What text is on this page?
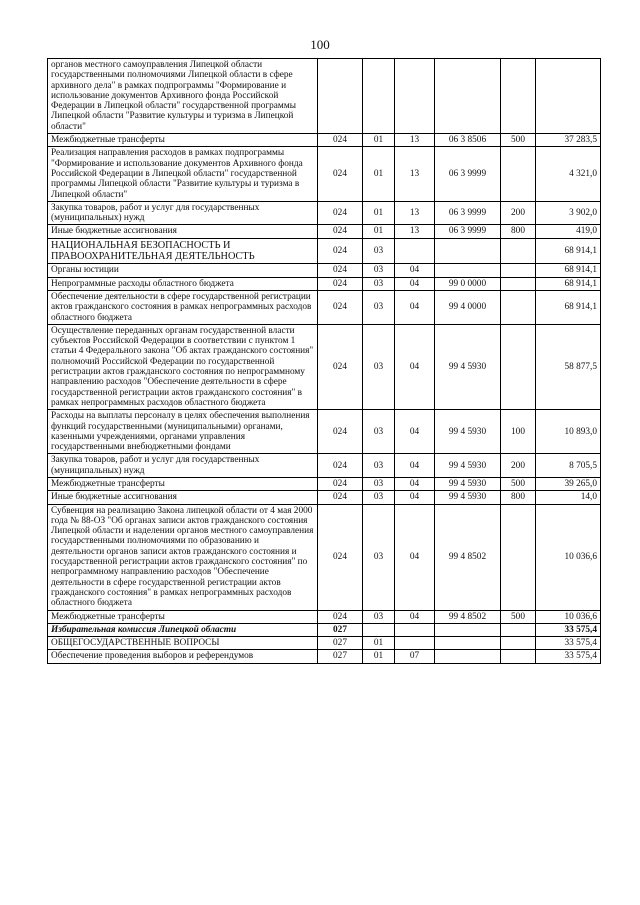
100
органов местного самоуправления Липецкой области государственными полномочиями Липецкой области в сфере архивного дела" в рамках подпрограммы "Формирование и использование документов Архивного фонда Российской Федерации в Липецкой области" государственной программы Липецкой области "Развитие культуры и туризма в Липецкой области"						
Межбюджетные трансферты	024	01	13	06 3 8506	500	37 283,5
Реализация направления расходов в рамках подпрограммы "Формирование и использование документов Архивного фонда Российской Федерации в Липецкой области" государственной программы Липецкой области "Развитие культуры и туризма в Липецкой области"	024	01	13	06 3 9999		4 321,0
Закупка товаров, работ и услуг для государственных (муниципальных) нужд	024	01	13	06 3 9999	200	3 902,0
Иные бюджетные ассигнования	024	01	13	06 3 9999	800	419,0
НАЦИОНАЛЬНАЯ БЕЗОПАСНОСТЬ И ПРАВООХРАНИТЕЛЬНАЯ ДЕЯТЕЛЬНОСТЬ	024	03				68 914,1
Органы юстиции	024	03	04			68 914,1
Непрограммные расходы областного бюджета	024	03	04	99 0 0000		68 914,1
Обеспечение деятельности в сфере государственной регистрации актов гражданского состояния в рамках непрограммных расходов областного бюджета	024	03	04	99 4 0000		68 914,1
Осуществление переданных органам государственной власти субъектов Российской Федерации в соответствии с пунктом 1 статьи 4 Федерального закона "Об актах гражданского состояния" полномочий Российской Федерации по государственной регистрации актов гражданского состояния по непрограммному направлению расходов "Обеспечение деятельности в сфере государственной регистрации актов гражданского состояния" в рамках непрограммных расходов областного бюджета	024	03	04	99 4 5930		58 877,5
Расходы на выплаты персоналу в целях обеспечения выполнения функций государственными (муниципальными) органами, казенными учреждениями, органами управления государственными внебюджетными фондами	024	03	04	99 4 5930	100	10 893,0
Закупка товаров, работ и услуг для государственных (муниципальных) нужд	024	03	04	99 4 5930	200	8 705,5
Межбюджетные трансферты	024	03	04	99 4 5930	500	39 265,0
Иные бюджетные ассигнования	024	03	04	99 4 5930	800	14,0
Субвенция на реализацию Закона липецкой области от 4 мая 2000 года № 88-ОЗ "Об органах записи актов гражданского состояния Липецкой области и наделении органов местного самоуправления государственными полномочиями по образованию и деятельности органов записи актов гражданского состояния и государственной регистрации актов гражданского состояния" по непрограммному направлению расходов "Обеспечение деятельности в сфере государственной регистрации актов гражданского состояния" в рамках непрограммных расходов областного бюджета	024	03	04	99 4 8502		10 036,6
Межбюджетные трансферты	024	03	04	99 4 8502	500	10 036,6
Избирательная комиссия Липецкой области	027					33 575,4
ОБЩЕГОСУДАРСТВЕННЫЕ ВОПРОСЫ	027	01				33 575,4
Обеспечение проведения выборов и референдумов	027	01	07			33 575,4
